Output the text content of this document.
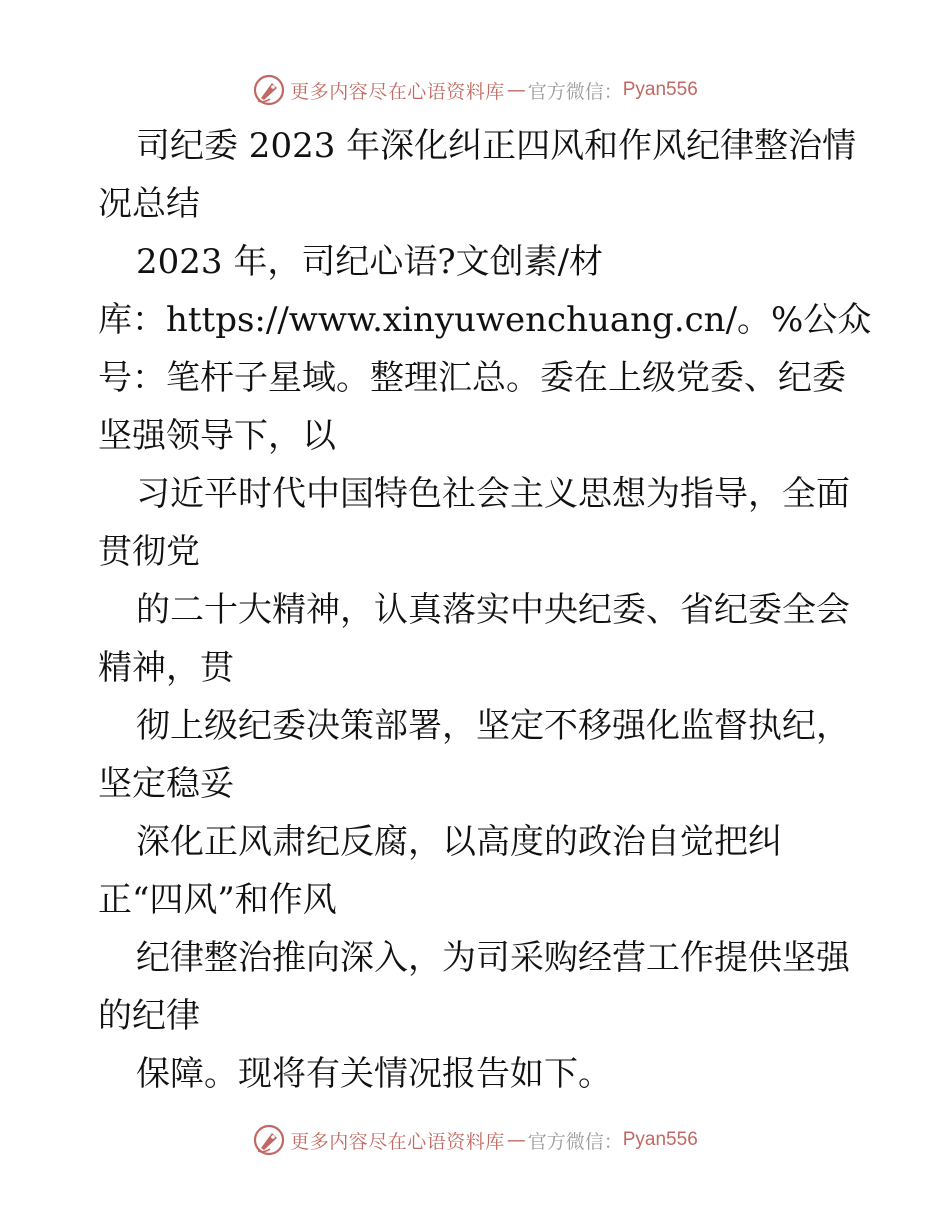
更多内容尽在心语资料库 — 官方微信： Pyan556
司纪委 2023 年深化纠正四风和作风纪律整治情
况总结
2023 年，司纪心语?文创素/材
库：https://www.xinyuwenchuang.cn/。%公众
号：笔杆子星域。整理汇总。委在上级党委、纪委
坚强领导下，以
习近平时代中国特色社会主义思想为指导，全面
贯彻党
的二十大精神，认真落实中央纪委、省纪委全会
精神，贯
彻上级纪委决策部署，坚定不移强化监督执纪，
坚定稳妥
深化正风肃纪反腐，以高度的政治自觉把纠
正“四风”和作风
纪律整治推向深入，为司采购经营工作提供坚强
的纪律
保障。现将有关情况报告如下。
更多内容尽在心语资料库 — 官方微信： Pyan556
